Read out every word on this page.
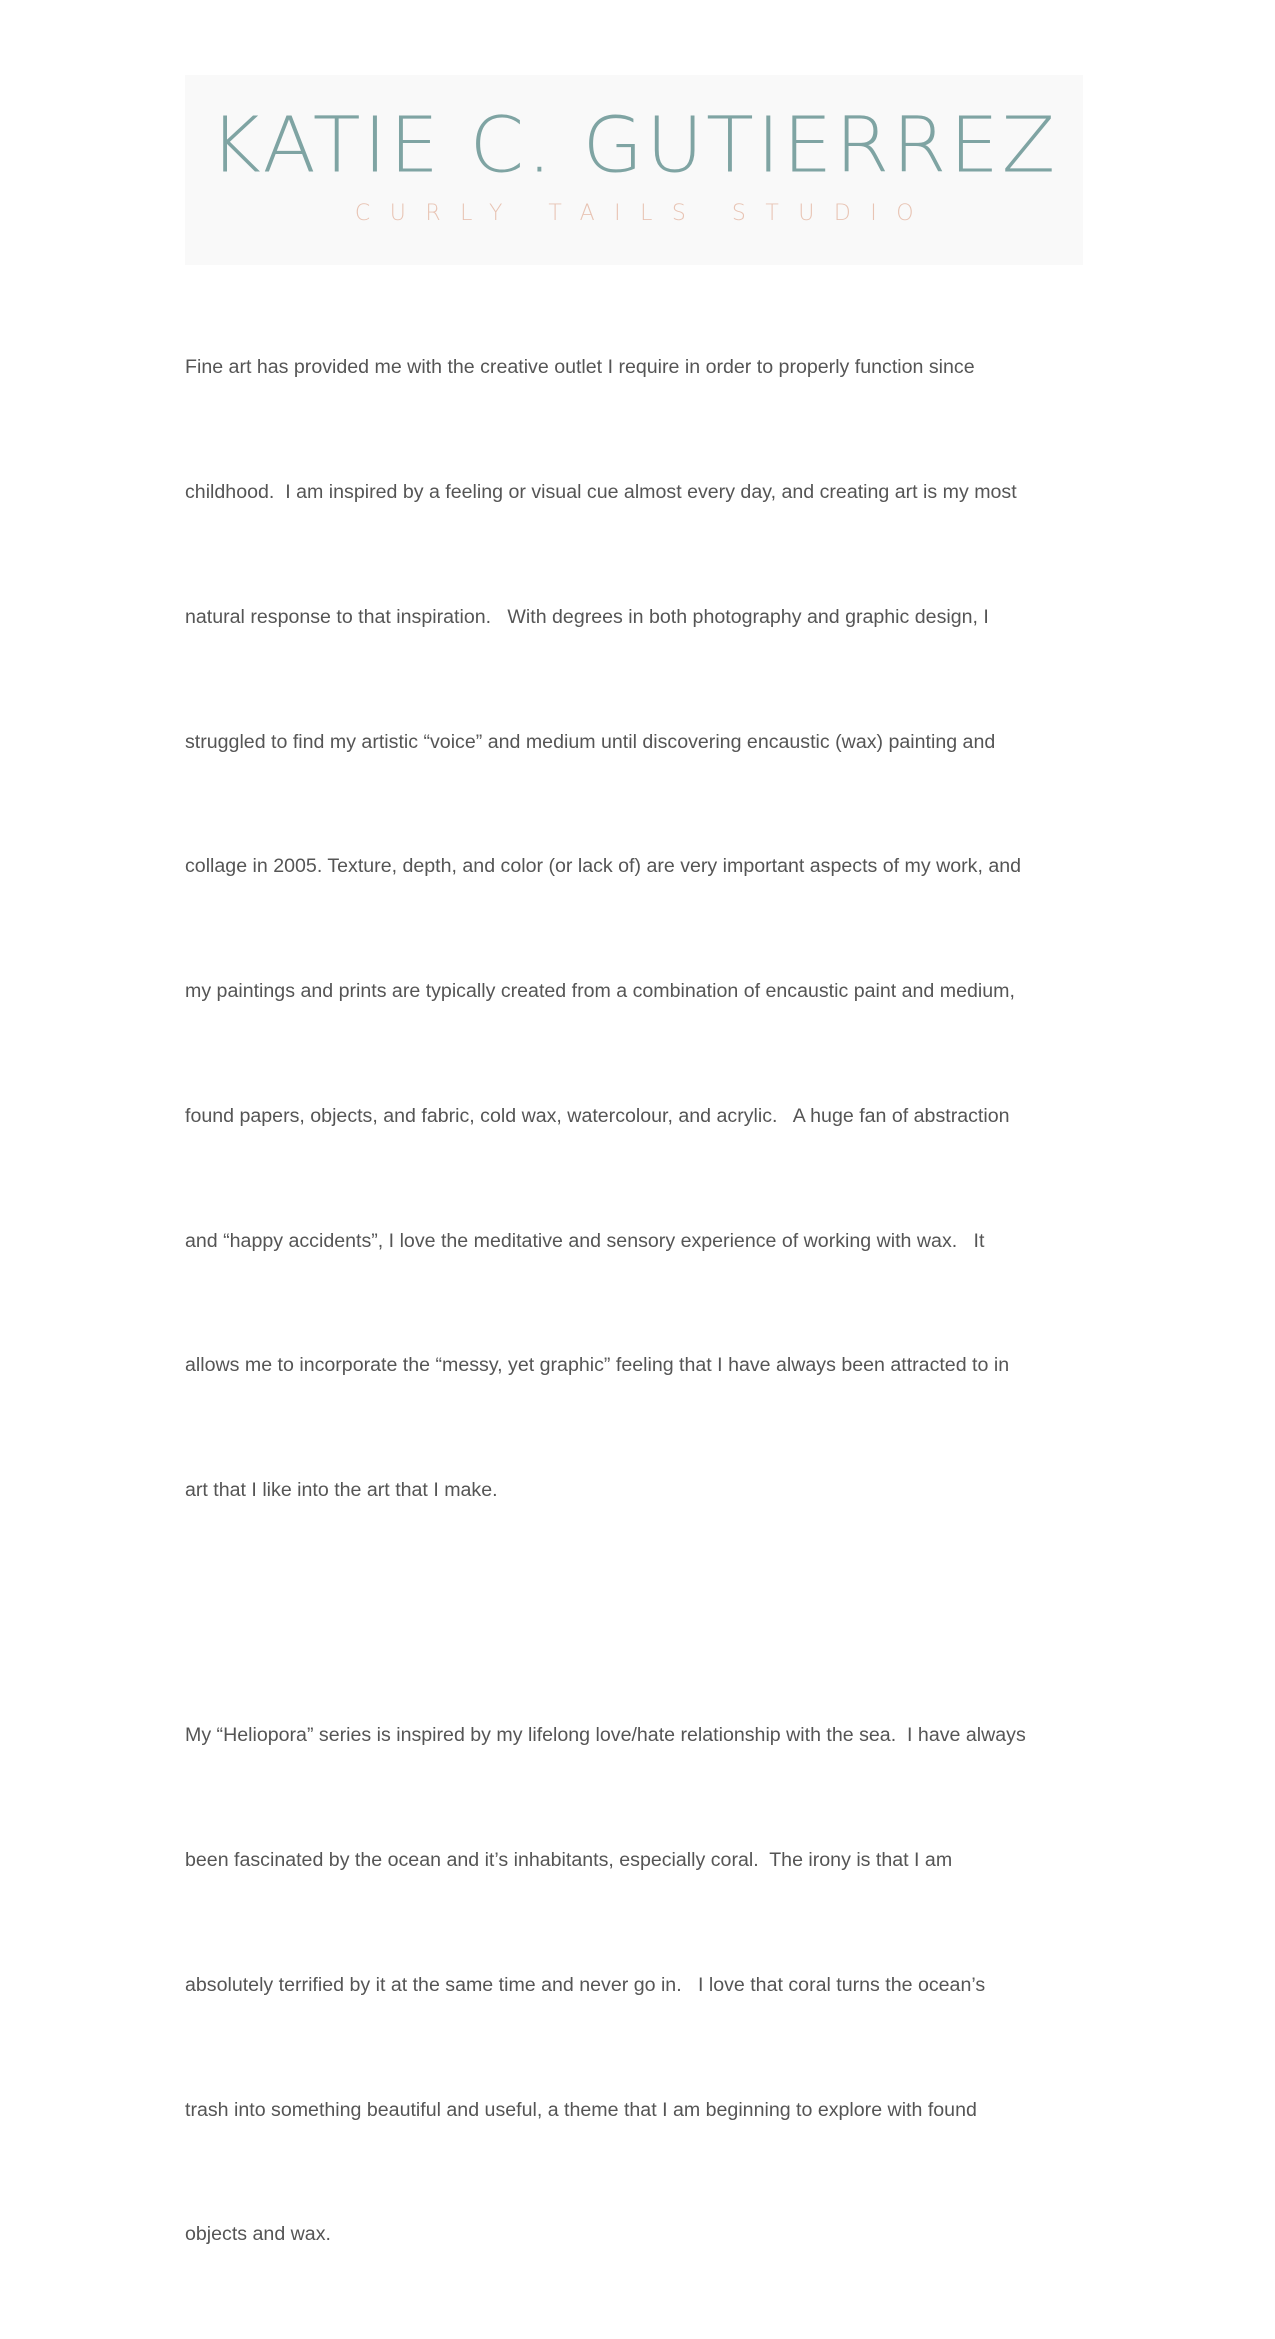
KATIE C. GUTIERREZ
CURLY TAILS STUDIO

Fine art has provided me with the creative outlet I require in order to properly function since

childhood.  I am inspired by a feeling or visual cue almost every day, and creating art is my most

natural response to that inspiration.   With degrees in both photography and graphic design, I

struggled to find my artistic “voice” and medium until discovering encaustic (wax) painting and

collage in 2005. Texture, depth, and color (or lack of) are very important aspects of my work, and

my paintings and prints are typically created from a combination of encaustic paint and medium,

found papers, objects, and fabric, cold wax, watercolour, and acrylic.   A huge fan of abstraction

and “happy accidents”, I love the meditative and sensory experience of working with wax.   It

allows me to incorporate the “messy, yet graphic” feeling that I have always been attracted to in

art that I like into the art that I make.

My “Heliopora” series is inspired by my lifelong love/hate relationship with the sea.  I have always

been fascinated by the ocean and it’s inhabitants, especially coral.  The irony is that I am

absolutely terrified by it at the same time and never go in.   I love that coral turns the ocean’s

trash into something beautiful and useful, a theme that I am beginning to explore with found

objects and wax.
